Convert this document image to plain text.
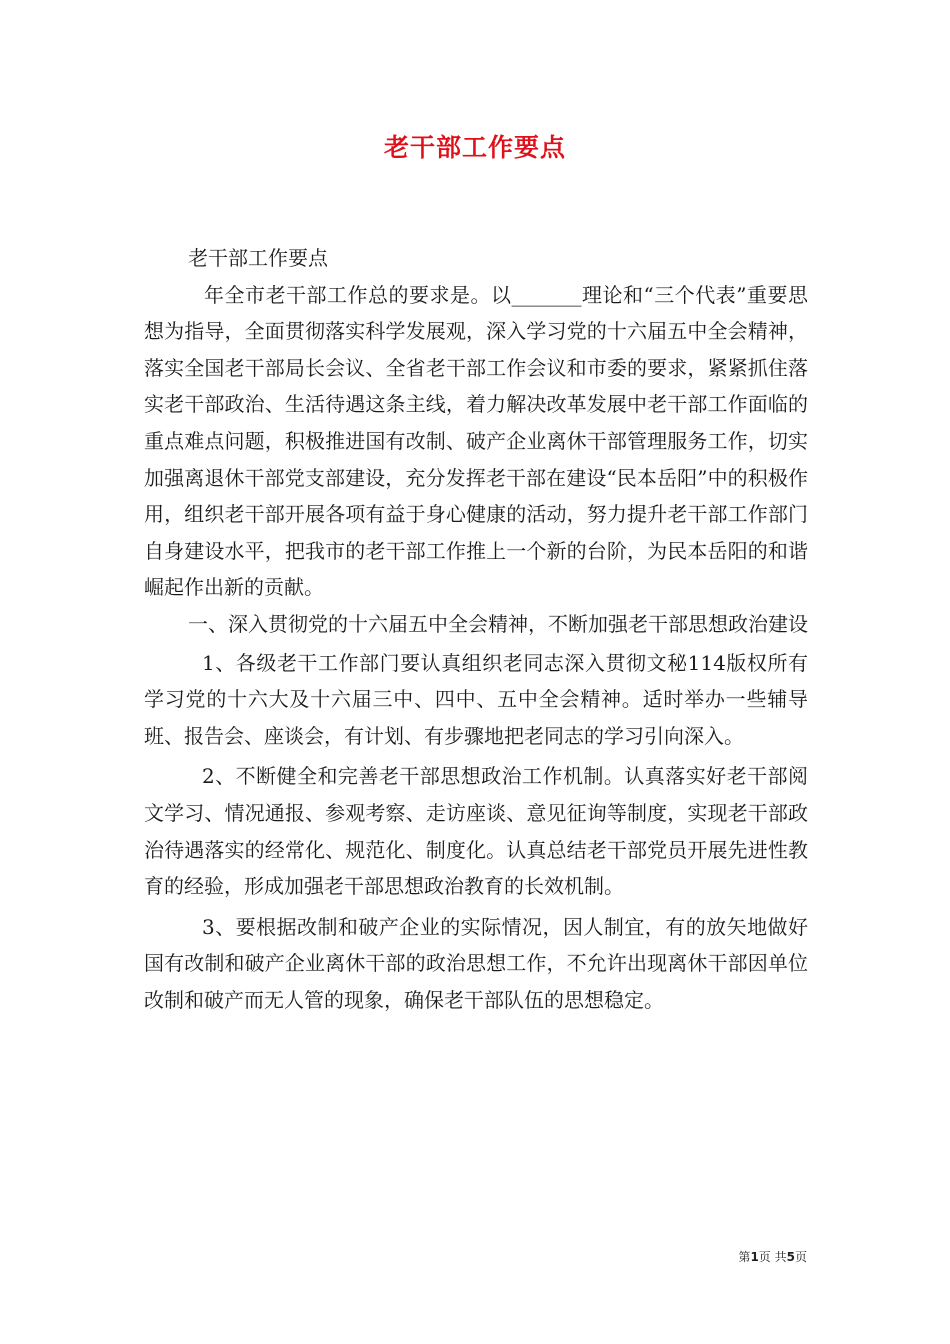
老干部工作要点

老干部工作要点

年全市老干部工作总的要求是。以_______理论和“三个代表”重要思想为指导，全面贯彻落实科学发展观，深入学习党的十六届五中全会精神，落实全国老干部局长会议、全省老干部工作会议和市委的要求，紧紧抓住落实老干部政治、生活待遇这条主线，着力解决改革发展中老干部工作面临的重点难点问题，积极推进国有改制、破产企业离休干部管理服务工作，切实加强离退休干部党支部建设，充分发挥老干部在建设“民本岳阳”中的积极作用，组织老干部开展各项有益于身心健康的活动，努力提升老干部工作部门自身建设水平，把我市的老干部工作推上一个新的台阶，为民本岳阳的和谐崛起作出新的贡献。

一、深入贯彻党的十六届五中全会精神，不断加强老干部思想政治建设

1、各级老干工作部门要认真组织老同志深入贯彻文秘114版权所有学习党的十六大及十六届三中、四中、五中全会精神。适时举办一些辅导班、报告会、座谈会，有计划、有步骤地把老同志的学习引向深入。

2、不断健全和完善老干部思想政治工作机制。认真落实好老干部阅文学习、情况通报、参观考察、走访座谈、意见征询等制度，实现老干部政治待遇落实的经常化、规范化、制度化。认真总结老干部党员开展先进性教育的经验，形成加强老干部思想政治教育的长效机制。

3、要根据改制和破产企业的实际情况，因人制宜，有的放矢地做好国有改制和破产企业离休干部的政治思想工作，不允许出现离休干部因单位改制和破产而无人管的现象，确保老干部队伍的思想稳定。

第1页 共5页
